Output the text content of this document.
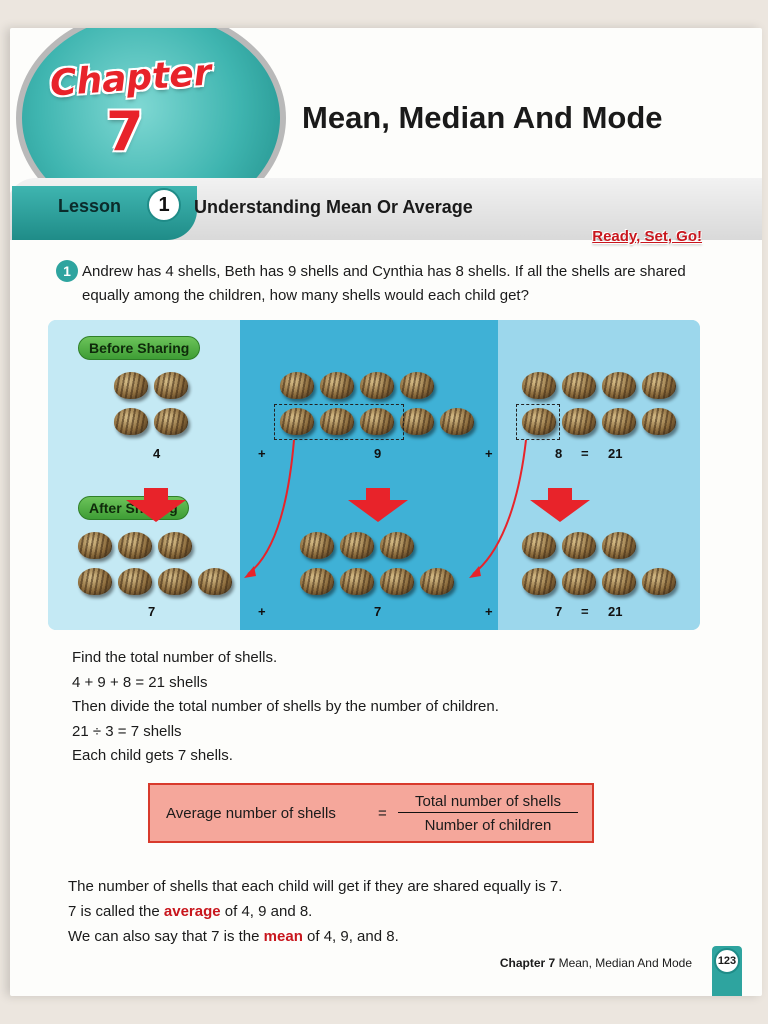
Chapter
7	Mean, Median And Mode
Lesson	1	Understanding Mean Or Average
Ready, Set, Go!
1 Andrew has 4 shells, Beth has 9 shells and Cynthia has 8 shells. If all the shells are shared equally among the children, how many shells would each child get?
Before Sharing
After Sharing
4	+	9	+	8 = 21
7	+	7	+	7 = 21
Find the total number of shells.
4 + 9 + 8 = 21 shells
Then divide the total number of shells by the number of children.
21 ÷ 3 = 7 shells
Each child gets 7 shells.
Average number of shells	=
Total number of shells
Number of children
The number of shells that each child will get if they are shared equally is 7.
7 is called the average of 4, 9 and 8.
We can also say that 7 is the mean of 4, 9, and 8.
Chapter 7 Mean, Median And Mode	123
